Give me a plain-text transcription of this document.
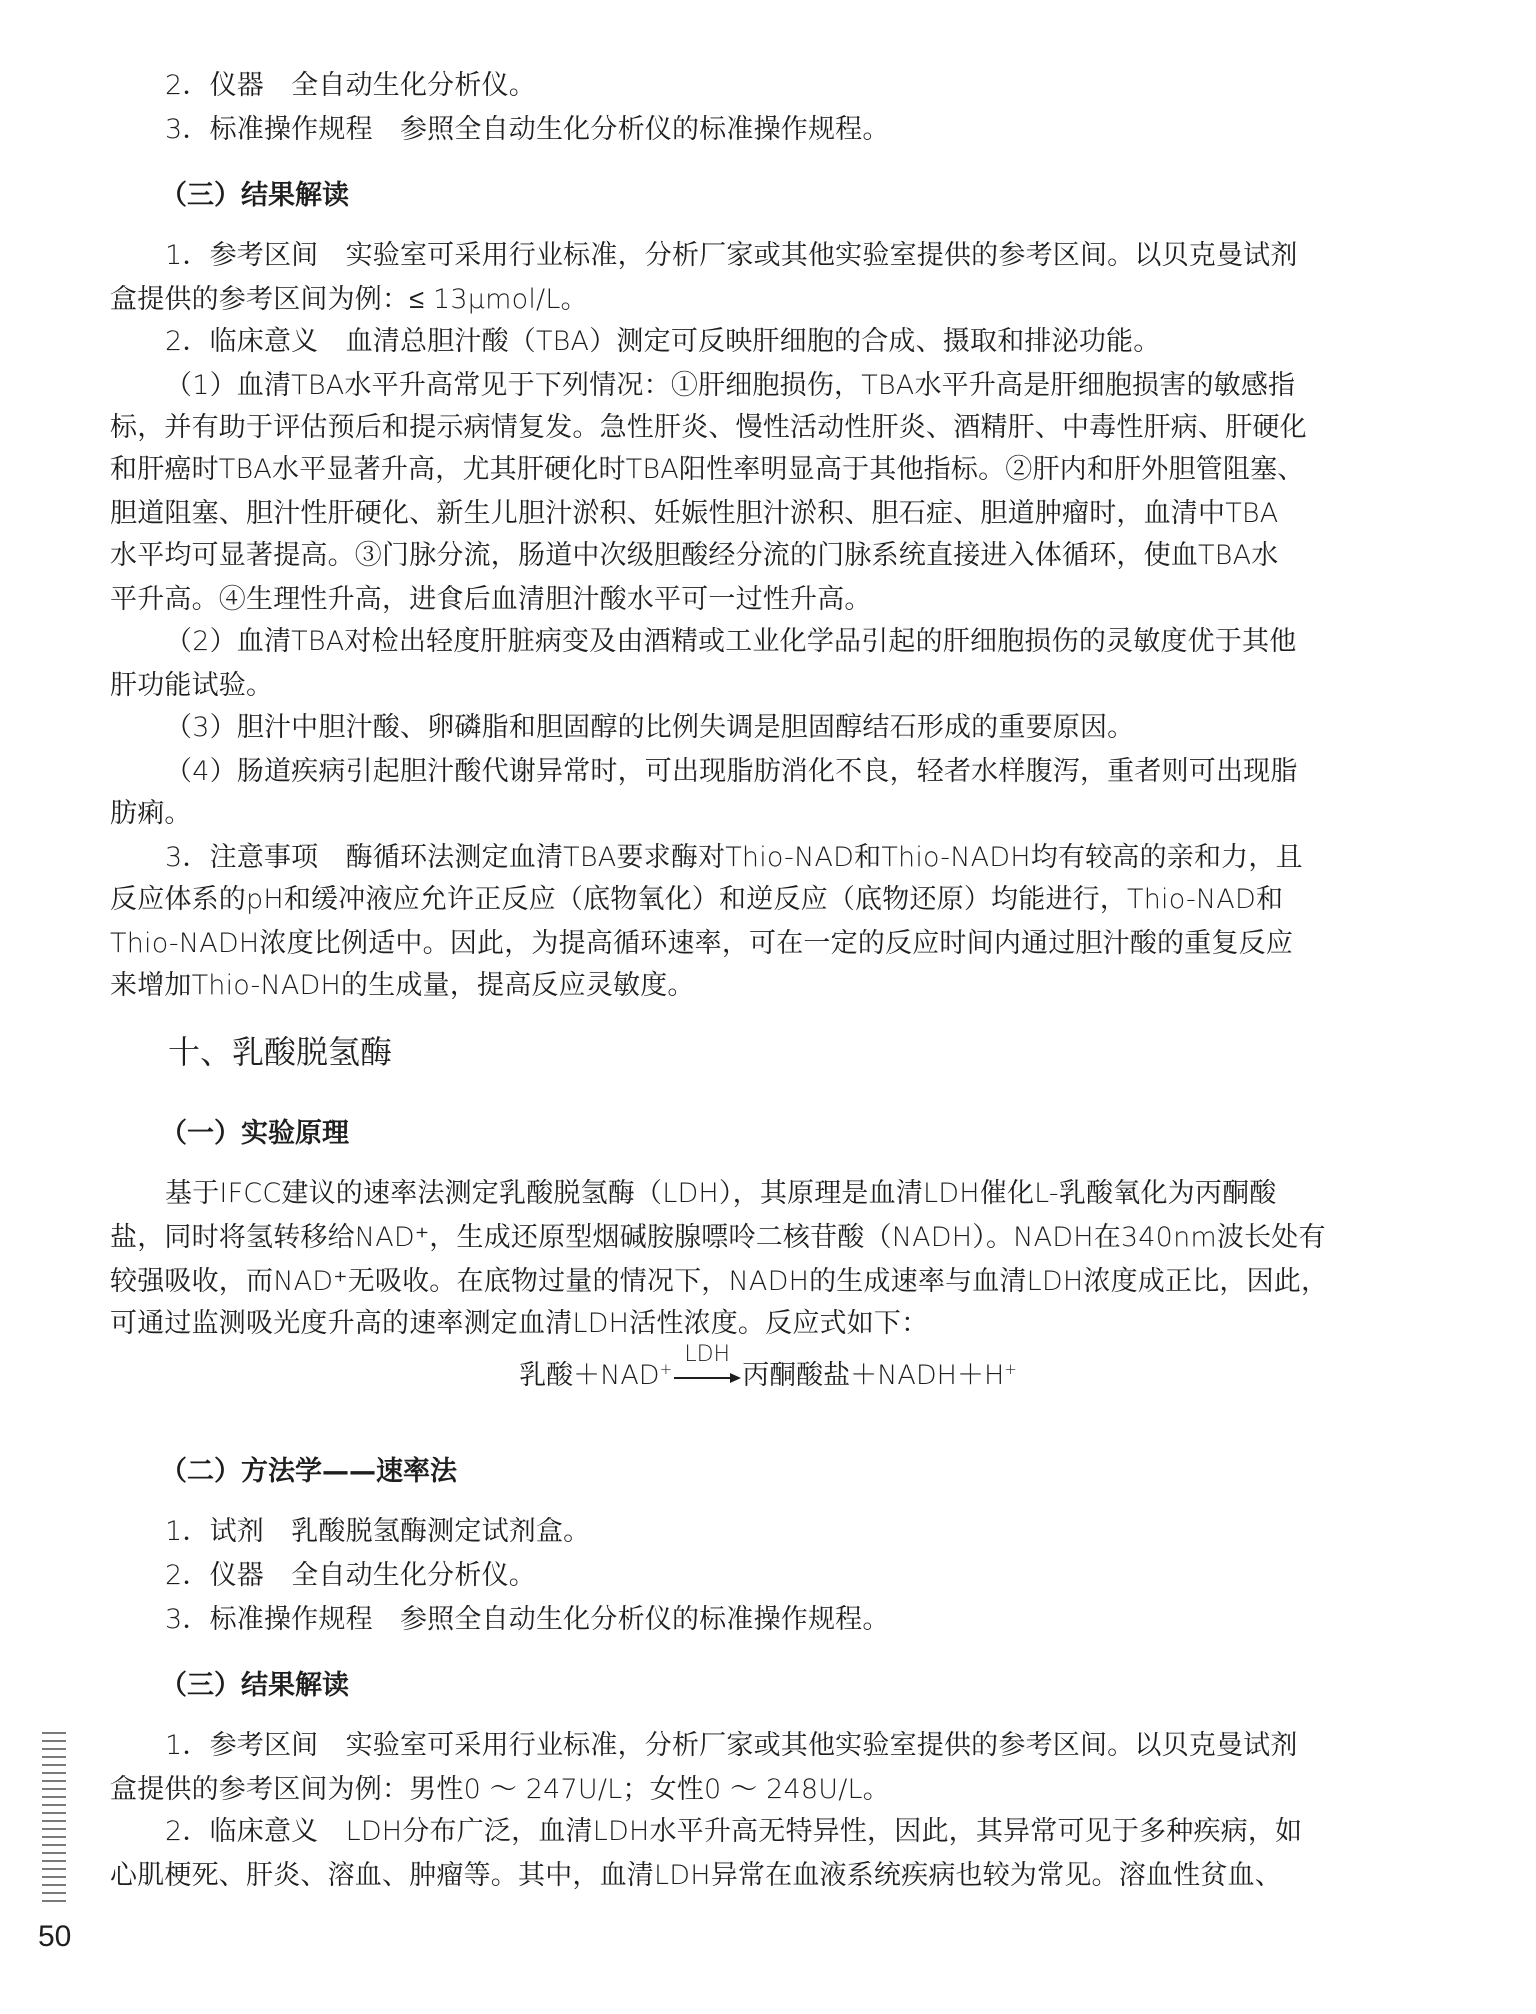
2．仪器　全自动生化分析仪。
3．标准操作规程　参照全自动生化分析仪的标准操作规程。
（三）结果解读
1．参考区间　实验室可采用行业标准，分析厂家或其他实验室提供的参考区间。以贝克曼试剂
盒提供的参考区间为例：≤ 13μmol/L。
2．临床意义　血清总胆汁酸（TBA）测定可反映肝细胞的合成、摄取和排泌功能。
（1）血清TBA水平升高常见于下列情况：①肝细胞损伤，TBA水平升高是肝细胞损害的敏感指
标，并有助于评估预后和提示病情复发。急性肝炎、慢性活动性肝炎、酒精肝、中毒性肝病、肝硬化
和肝癌时TBA水平显著升高，尤其肝硬化时TBA阳性率明显高于其他指标。②肝内和肝外胆管阻塞、
胆道阻塞、胆汁性肝硬化、新生儿胆汁淤积、妊娠性胆汁淤积、胆石症、胆道肿瘤时，血清中TBA
水平均可显著提高。③门脉分流，肠道中次级胆酸经分流的门脉系统直接进入体循环，使血TBA水
平升高。④生理性升高，进食后血清胆汁酸水平可一过性升高。
（2）血清TBA对检出轻度肝脏病变及由酒精或工业化学品引起的肝细胞损伤的灵敏度优于其他
肝功能试验。
（3）胆汁中胆汁酸、卵磷脂和胆固醇的比例失调是胆固醇结石形成的重要原因。
（4）肠道疾病引起胆汁酸代谢异常时，可出现脂肪消化不良，轻者水样腹泻，重者则可出现脂
肪痢。
3．注意事项　酶循环法测定血清TBA要求酶对Thio-NAD和Thio-NADH均有较高的亲和力，且
反应体系的pH和缓冲液应允许正反应（底物氧化）和逆反应（底物还原）均能进行，Thio-NAD和
Thio-NADH浓度比例适中。因此，为提高循环速率，可在一定的反应时间内通过胆汁酸的重复反应
来增加Thio-NADH的生成量，提高反应灵敏度。
十、乳酸脱氢酶
（一）实验原理
基于IFCC建议的速率法测定乳酸脱氢酶（LDH），其原理是血清LDH催化L-乳酸氧化为丙酮酸
盐，同时将氢转移给NAD⁺，生成还原型烟碱胺腺嘌呤二核苷酸（NADH）。NADH在340nm波长处有
较强吸收，而NAD⁺无吸收。在底物过量的情况下，NADH的生成速率与血清LDH浓度成正比，因此，
可通过监测吸光度升高的速率测定血清LDH活性浓度。反应式如下：
乳酸＋NAD+
LDH
丙酮酸盐＋NADH＋H+
（二）方法学——速率法
1．试剂　乳酸脱氢酶测定试剂盒。
2．仪器　全自动生化分析仪。
3．标准操作规程　参照全自动生化分析仪的标准操作规程。
（三）结果解读
1．参考区间　实验室可采用行业标准，分析厂家或其他实验室提供的参考区间。以贝克曼试剂
盒提供的参考区间为例：男性0 ～ 247U/L；女性0 ～ 248U/L。
2．临床意义　LDH分布广泛，血清LDH水平升高无特异性，因此，其异常可见于多种疾病，如
心肌梗死、肝炎、溶血、肿瘤等。其中，血清LDH异常在血液系统疾病也较为常见。溶血性贫血、
50
